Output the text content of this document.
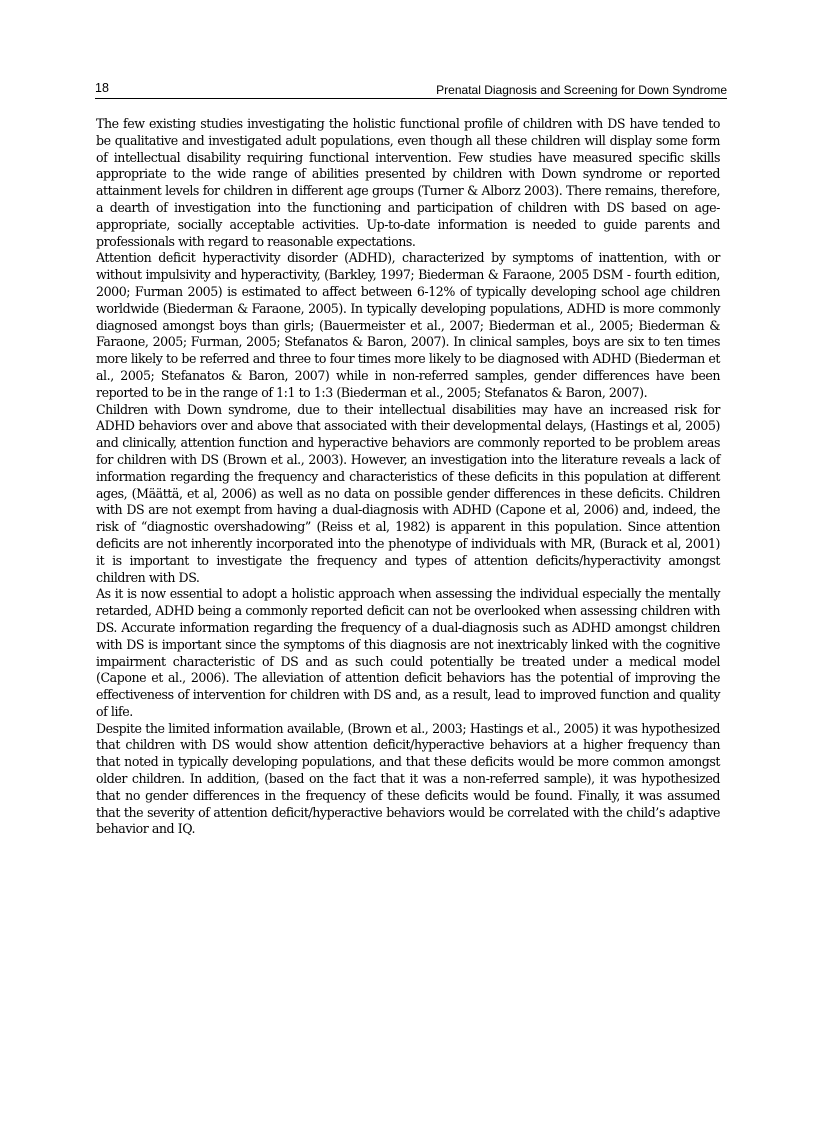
18	Prenatal Diagnosis and Screening for Down Syndrome

The few existing studies investigating the holistic functional profile of children with DS have tended to be qualitative and investigated adult populations, even though all these children will display some form of intellectual disability requiring functional intervention. Few studies have measured specific skills appropriate to the wide range of abilities presented by children with Down syndrome or reported attainment levels for children in different age groups (Turner & Alborz 2003). There remains, therefore, a dearth of investigation into the functioning and participation of children with DS based on age-appropriate, socially acceptable activities. Up-to-date information is needed to guide parents and professionals with regard to reasonable expectations.

Attention deficit hyperactivity disorder (ADHD), characterized by symptoms of inattention, with or without impulsivity and hyperactivity, (Barkley, 1997; Biederman & Faraone, 2005 DSM - fourth edition, 2000; Furman 2005) is estimated to affect between 6-12% of typically developing school age children worldwide (Biederman & Faraone, 2005). In typically developing populations, ADHD is more commonly diagnosed amongst boys than girls; (Bauermeister et al., 2007; Biederman et al., 2005; Biederman & Faraone, 2005; Furman, 2005; Stefanatos & Baron, 2007). In clinical samples, boys are six to ten times more likely to be referred and three to four times more likely to be diagnosed with ADHD (Biederman et al., 2005; Stefanatos & Baron, 2007) while in non-referred samples, gender differences have been reported to be in the range of 1:1 to 1:3 (Biederman et al., 2005; Stefanatos & Baron, 2007).

Children with Down syndrome, due to their intellectual disabilities may have an increased risk for ADHD behaviors over and above that associated with their developmental delays, (Hastings et al, 2005) and clinically, attention function and hyperactive behaviors are commonly reported to be problem areas for children with DS (Brown et al., 2003). However, an investigation into the literature reveals a lack of information regarding the frequency and characteristics of these deficits in this population at different ages, (Määttä, et al, 2006) as well as no data on possible gender differences in these deficits. Children with DS are not exempt from having a dual-diagnosis with ADHD (Capone et al, 2006) and, indeed, the risk of “diagnostic overshadowing” (Reiss et al, 1982) is apparent in this population. Since attention deficits are not inherently incorporated into the phenotype of individuals with MR, (Burack et al, 2001) it is important to investigate the frequency and types of attention deficits/hyperactivity amongst children with DS.

As it is now essential to adopt a holistic approach when assessing the individual especially the mentally retarded, ADHD being a commonly reported deficit can not be overlooked when assessing children with DS. Accurate information regarding the frequency of a dual-diagnosis such as ADHD amongst children with DS is important since the symptoms of this diagnosis are not inextricably linked with the cognitive impairment characteristic of DS and as such could potentially be treated under a medical model (Capone et al., 2006). The alleviation of attention deficit behaviors has the potential of improving the effectiveness of intervention for children with DS and, as a result, lead to improved function and quality of life.

Despite the limited information available, (Brown et al., 2003; Hastings et al., 2005) it was hypothesized that children with DS would show attention deficit/hyperactive behaviors at a higher frequency than that noted in typically developing populations, and that these deficits would be more common amongst older children. In addition, (based on the fact that it was a non-referred sample), it was hypothesized that no gender differences in the frequency of these deficits would be found. Finally, it was assumed that the severity of attention deficit/hyperactive behaviors would be correlated with the child’s adaptive behavior and IQ.
